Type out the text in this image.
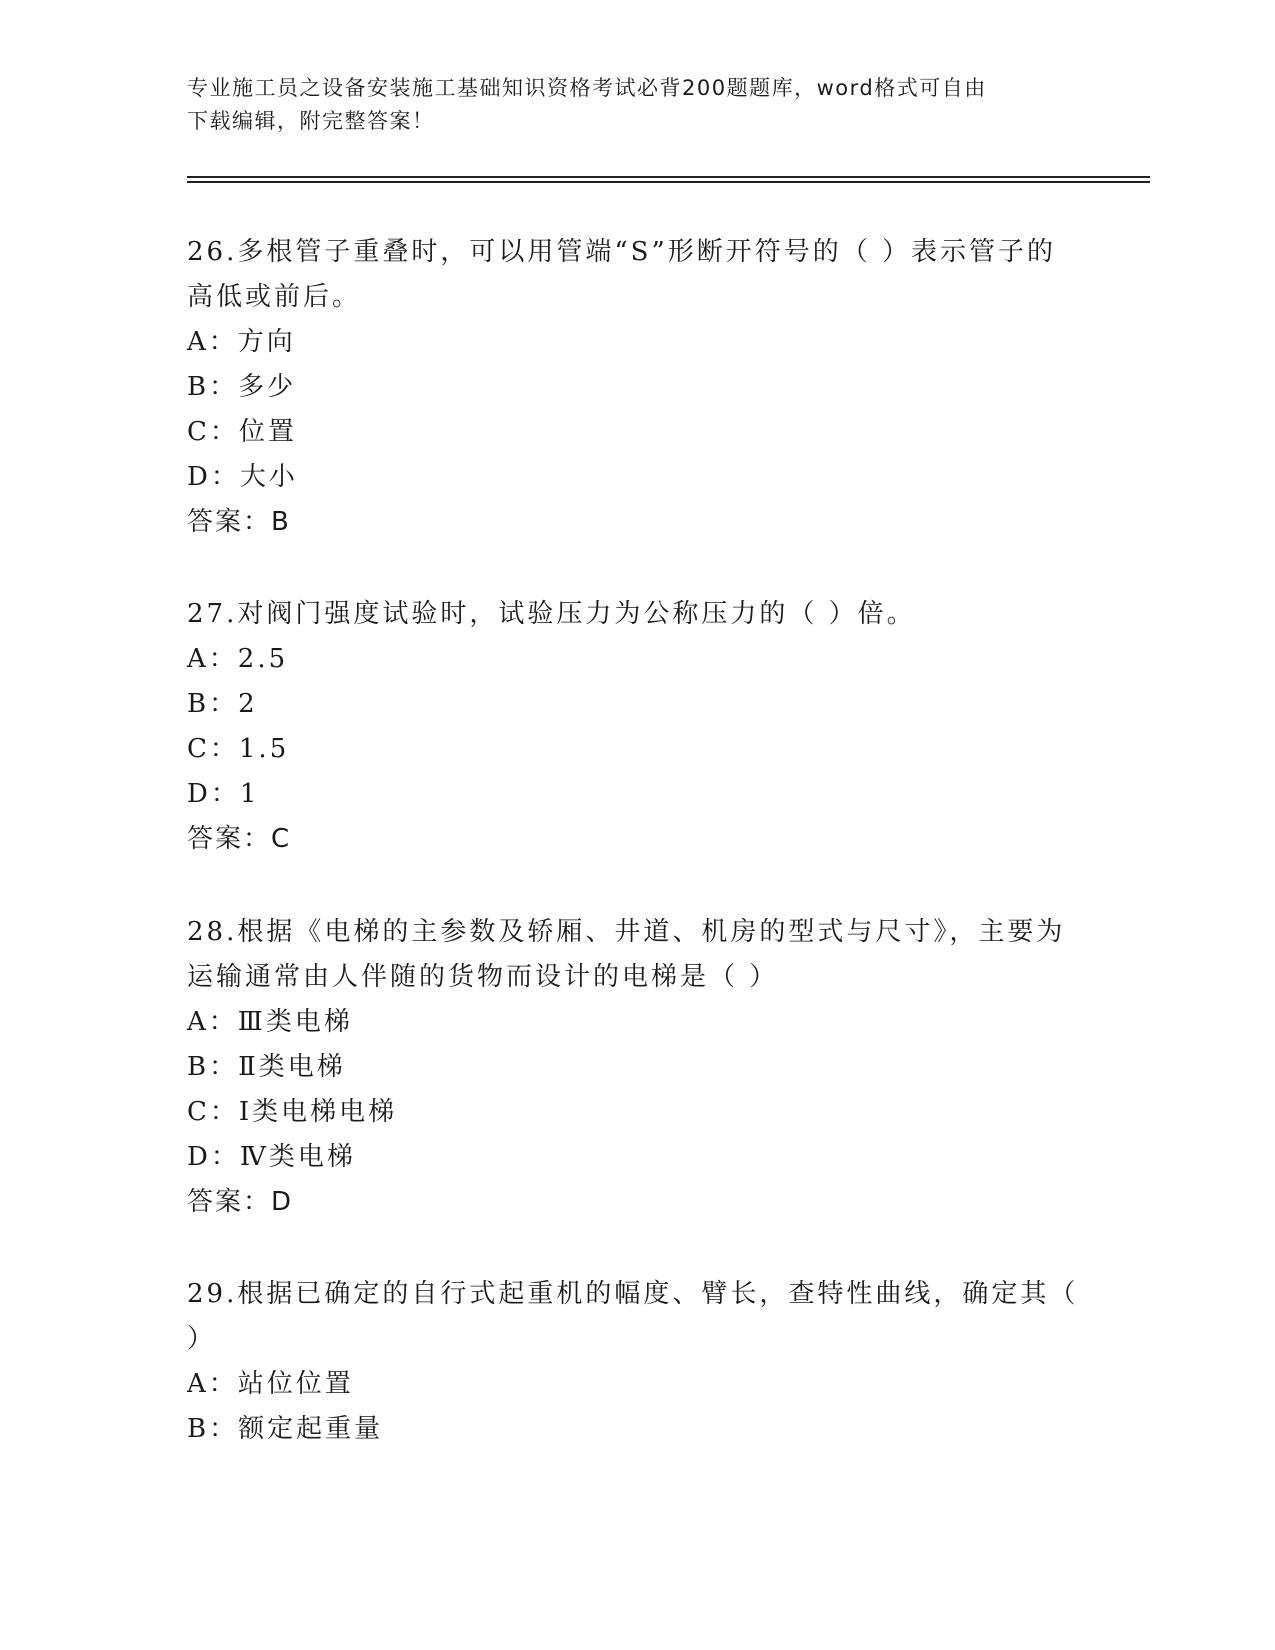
专业施工员之设备安装施工基础知识资格考试必背200题题库，word格式可自由
下载编辑，附完整答案！
26.多根管子重叠时，可以用管端“S”形断开符号的（ ）表示管子的
高低或前后。
A：方向
B：多少
C：位置
D：大小
答案：B
27.对阀门强度试验时，试验压力为公称压力的（ ）倍。
A：2.5
B：2
C：1.5
D：1
答案：C
28.根据《电梯的主参数及轿厢、井道、机房的型式与尺寸》，主要为
运输通常由人伴随的货物而设计的电梯是（ ）
A：Ⅲ类电梯
B：Ⅱ类电梯
C：Ⅰ类电梯电梯
D：Ⅳ类电梯
答案：D
29.根据已确定的自行式起重机的幅度、臂长，查特性曲线，确定其（
）
A：站位位置
B：额定起重量
